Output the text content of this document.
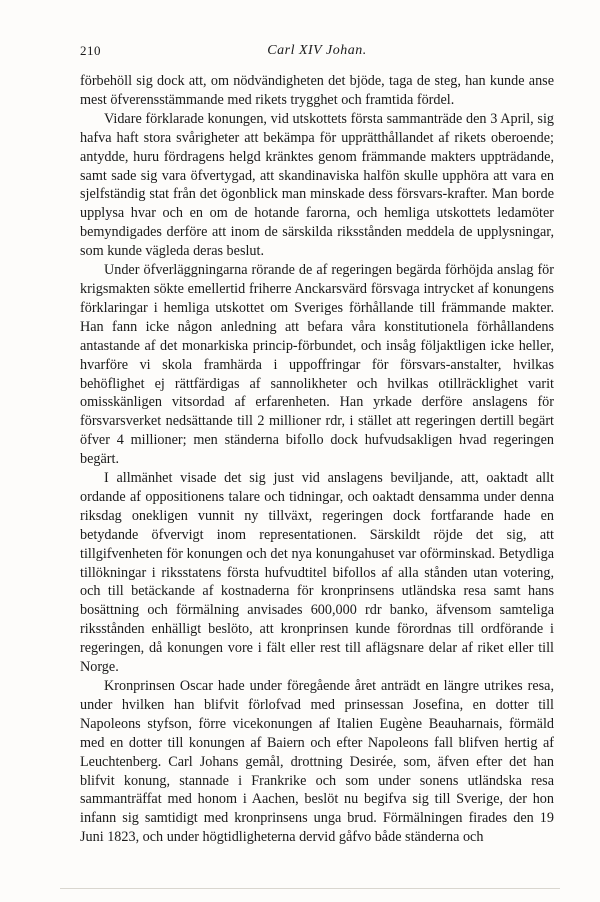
210	Carl XIV Johan.

förbehöll sig dock att, om nödvändigheten det bjöde, taga de steg, han kunde anse mest öfverensstämmande med rikets trygghet och framtida fördel.

Vidare förklarade konungen, vid utskottets första sammanträde den 3 April, sig hafva haft stora svårigheter att bekämpa för upprätthållandet af rikets oberoende; antydde, huru fördragens helgd kränktes genom främmande makters uppträdande, samt sade sig vara öfvertygad, att skandinaviska halfön skulle upphöra att vara en sjelfständig stat från det ögonblick man minskade dess försvars-krafter. Man borde upplysa hvar och en om de hotande farorna, och hemliga utskottets ledamöter bemyndigades derföre att inom de särskilda riksstånden meddela de upplysningar, som kunde vägleda deras beslut.

Under öfverläggningarna rörande de af regeringen begärda förhöjda anslag för krigsmakten sökte emellertid friherre Anckarsvärd försvaga intrycket af konungens förklaringar i hemliga utskottet om Sveriges förhållande till främmande makter. Han fann icke någon anledning att befara våra konstitutionela förhållandens antastande af det monarkiska princip-förbundet, och insåg följaktligen icke heller, hvarföre vi skola framhärda i uppoffringar för försvars-anstalter, hvilkas behöflighet ej rättfärdigas af sannolikheter och hvilkas otillräcklighet varit omisskänligen vitsordad af erfarenheten. Han yrkade derföre anslagens för försvarsverket nedsättande till 2 millioner rdr, i stället att regeringen dertill begärt öfver 4 millioner; men ständerna bifollo dock hufvudsakligen hvad regeringen begärt.

I allmänhet visade det sig just vid anslagens beviljande, att, oaktadt allt ordande af oppositionens talare och tidningar, och oaktadt densamma under denna riksdag onekligen vunnit ny tillväxt, regeringen dock fortfarande hade en betydande öfvervigt inom representationen. Särskildt röjde det sig, att tillgifvenheten för konungen och det nya konungahuset var oförminskad. Betydliga tillökningar i riksstatens första hufvudtitel bifollos af alla stånden utan votering, och till betäckande af kostnaderna för kronprinsens utländska resa samt hans bosättning och förmälning anvisades 600,000 rdr banko, äfvensom samteliga riksstånden enhälligt beslöto, att kronprinsen kunde förordnas till ordförande i regeringen, då konungen vore i fält eller rest till aflägsnare delar af riket eller till Norge.

Kronprinsen Oscar hade under föregående året anträdt en längre utrikes resa, under hvilken han blifvit förlofvad med prinsessan Josefina, en dotter till Napoleons styfson, förre vicekonungen af Italien Eugène Beauharnais, förmäld med en dotter till konungen af Baiern och efter Napoleons fall blifven hertig af Leuchtenberg. Carl Johans gemål, drottning Desirée, som, äfven efter det han blifvit konung, stannade i Frankrike och som under sonens utländska resa sammanträffat med honom i Aachen, beslöt nu begifva sig till Sverige, der hon infann sig samtidigt med kronprinsens unga brud. Förmälningen firades den 19 Juni 1823, och under högtidligheterna dervid gåfvo både ständerna och
